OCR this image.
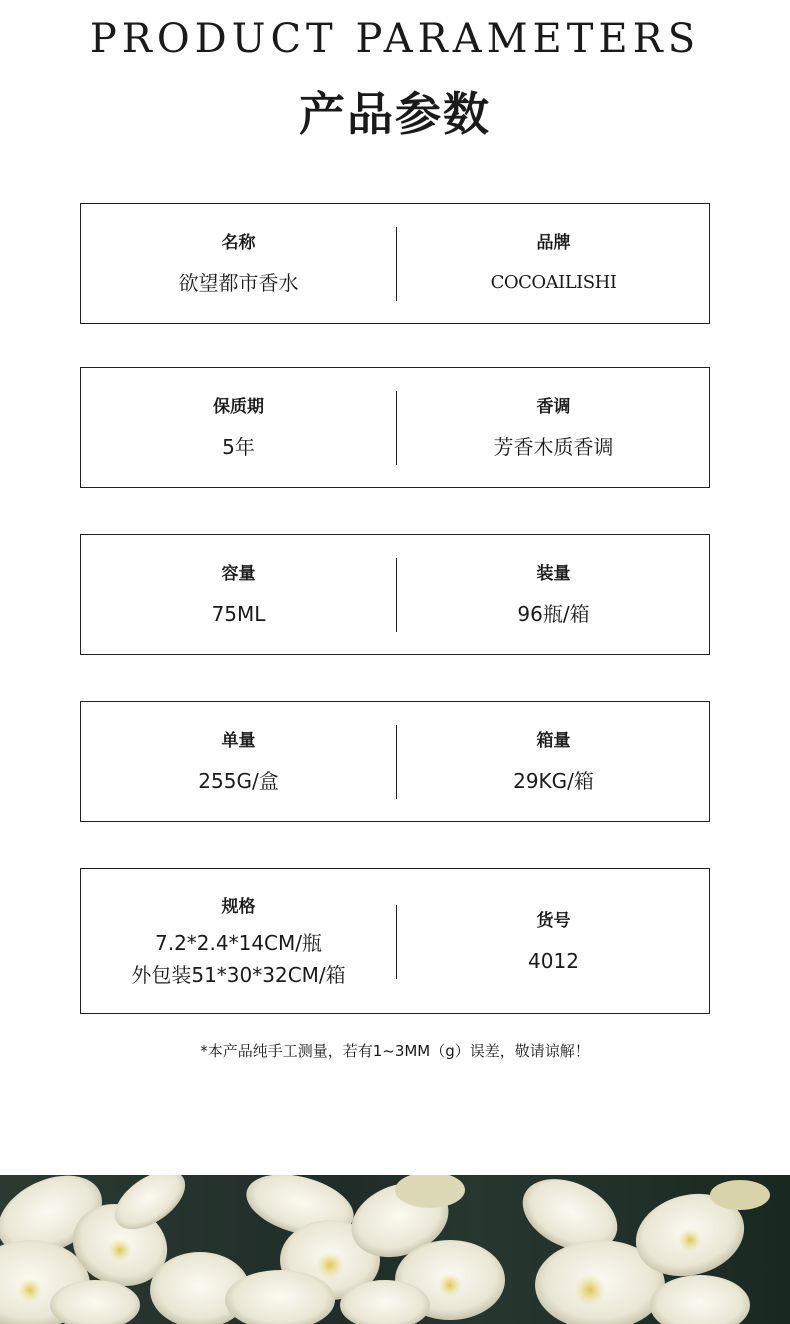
PRODUCT PARAMETERS
产品参数
名称
欲望都市香水
品牌
COCOAILISHI
保质期
5年
香调
芳香木质香调
容量
75ML
装量
96瓶/箱
单量
255G/盒
箱量
29KG/箱
规格
7.2*2.4*14CM/瓶
外包装51*30*32CM/箱
货号
4012
*本产品纯手工测量，若有1~3MM（g）误差，敬请谅解！
